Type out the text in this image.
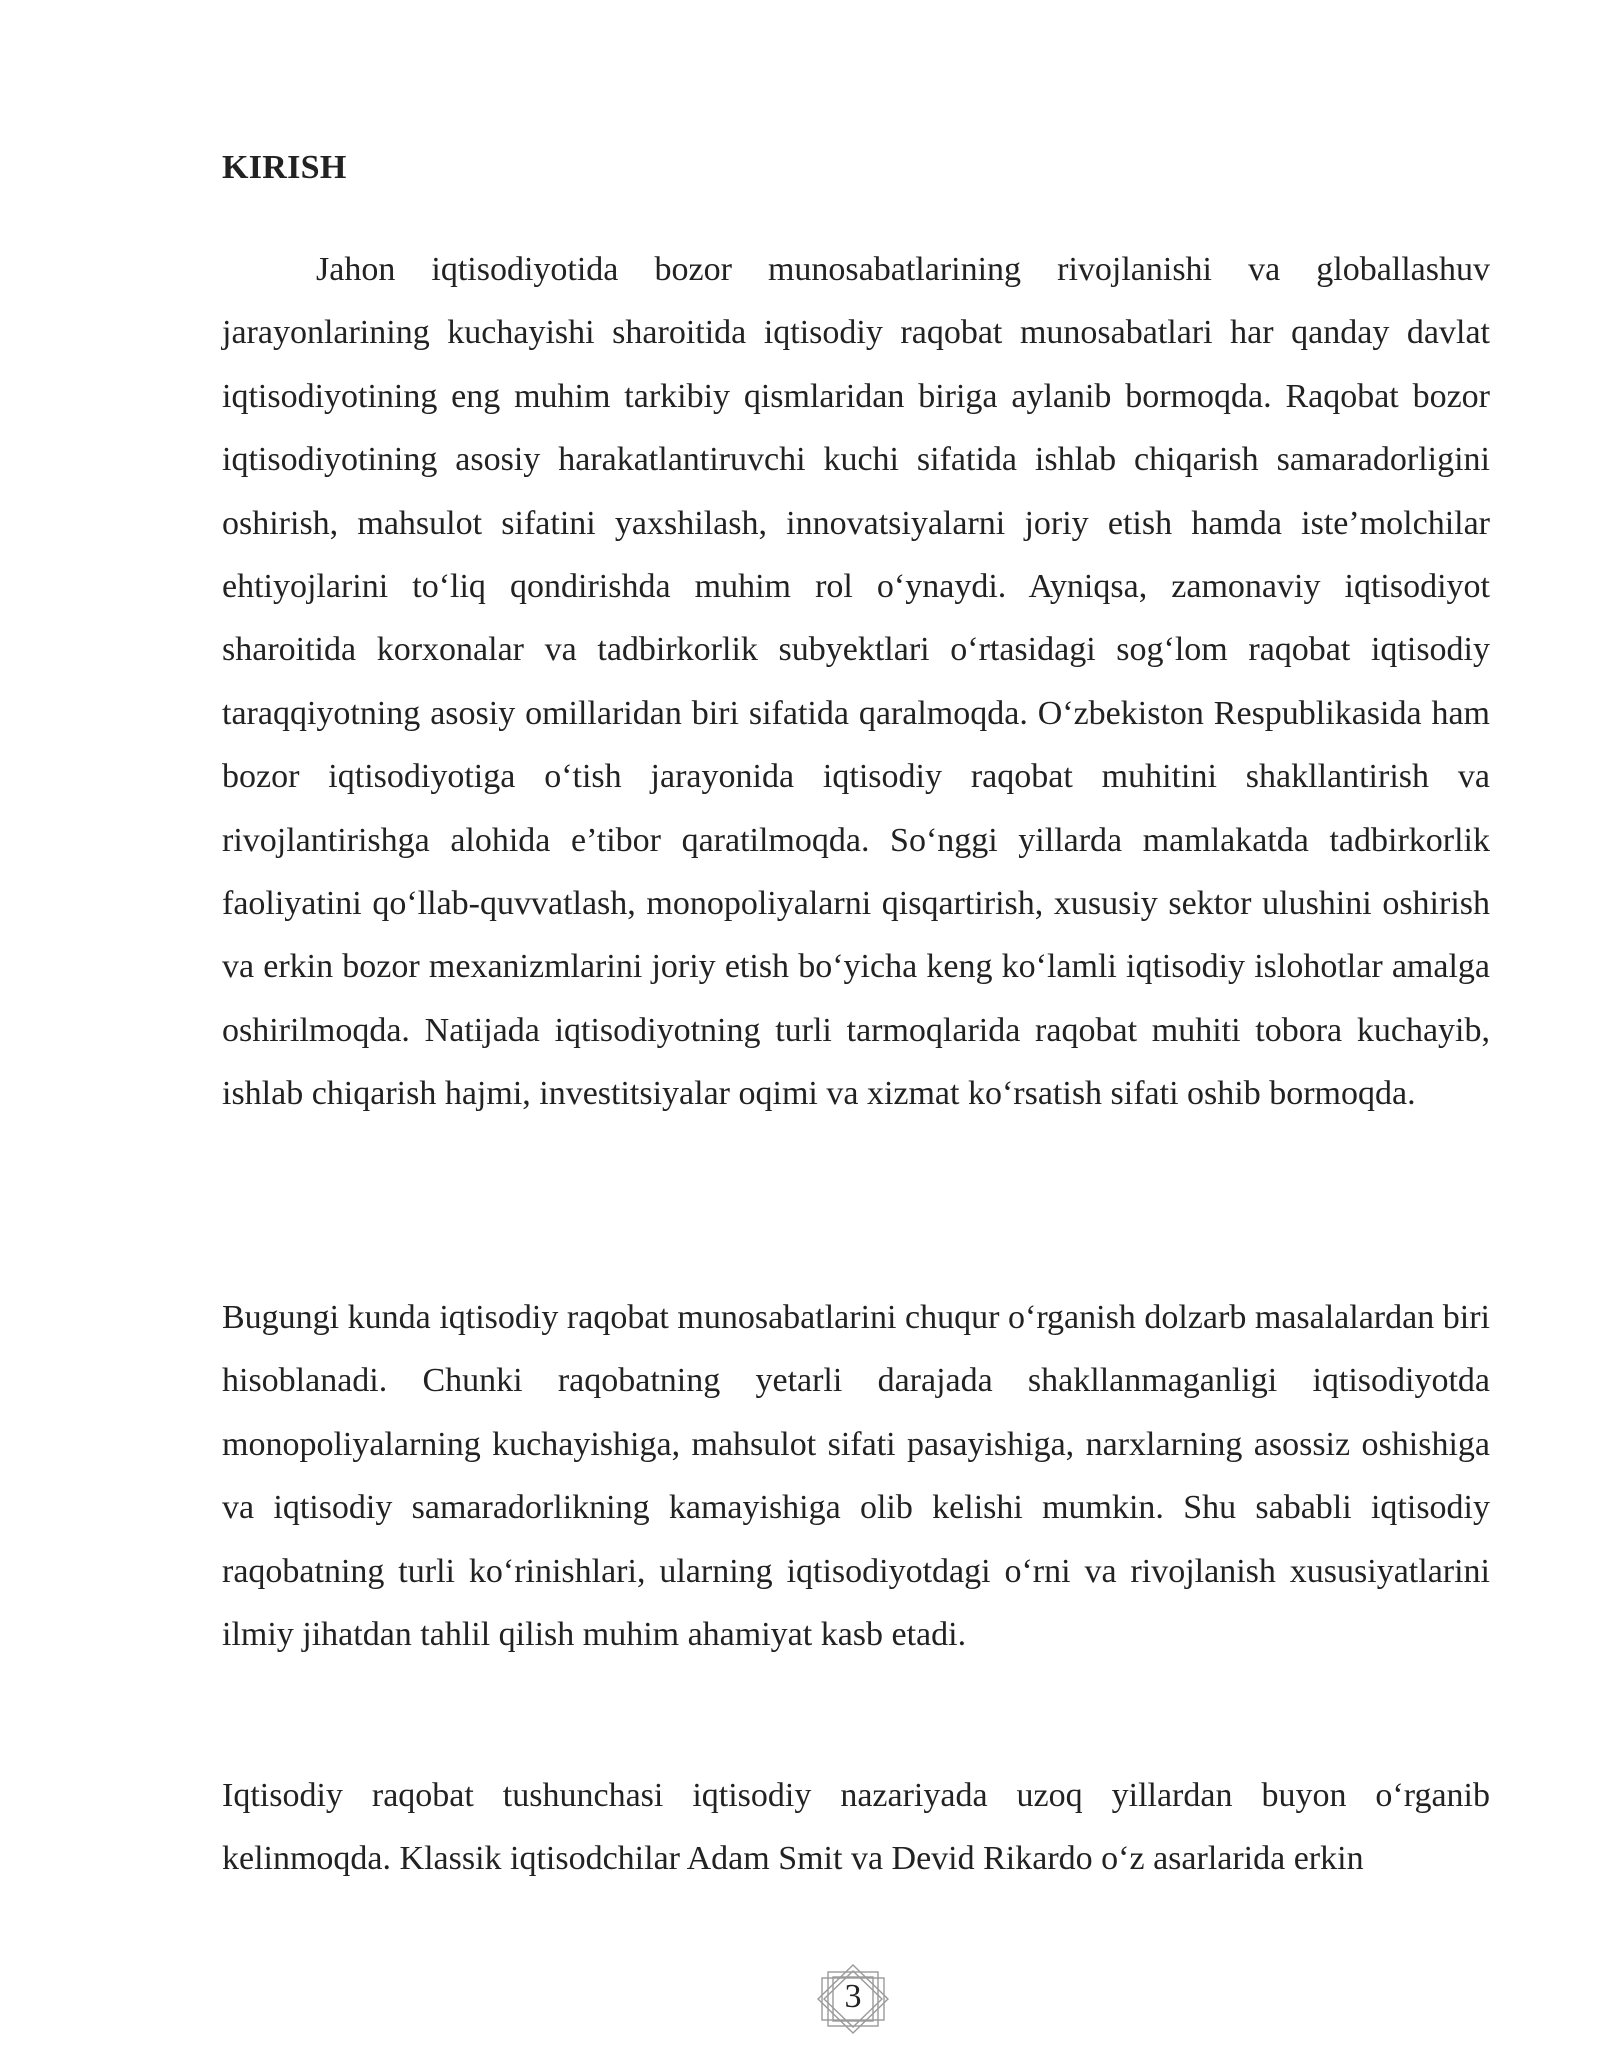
KIRISH

Jahon iqtisodiyotida bozor munosabatlarining rivojlanishi va globallashuv jarayonlarining kuchayishi sharoitida iqtisodiy raqobat munosabatlari har qanday davlat iqtisodiyotining eng muhim tarkibiy qismlaridan biriga aylanib bormoqda. Raqobat bozor iqtisodiyotining asosiy harakatlantiruvchi kuchi sifatida ishlab chiqarish samaradorligini oshirish, mahsulot sifatini yaxshilash, innovatsiyalarni joriy etish hamda iste’molchilar ehtiyojlarini to‘liq qondirishda muhim rol o‘ynaydi. Ayniqsa, zamonaviy iqtisodiyot sharoitida korxonalar va tadbirkorlik subyektlari o‘rtasidagi sog‘lom raqobat iqtisodiy taraqqiyotning asosiy omillaridan biri sifatida qaralmoqda. O‘zbekiston Respublikasida ham bozor iqtisodiyotiga o‘tish jarayonida iqtisodiy raqobat muhitini shakllantirish va rivojlantirishga alohida e’tibor qaratilmoqda. So‘nggi yillarda mamlakatda tadbirkorlik faoliyatini qo‘llab-quvvatlash, monopoliyalarni qisqartirish, xususiy sektor ulushini oshirish va erkin bozor mexanizmlarini joriy etish bo‘yicha keng ko‘lamli iqtisodiy islohotlar amalga oshirilmoqda. Natijada iqtisodiyotning turli tarmoqlarida raqobat muhiti tobora kuchayib, ishlab chiqarish hajmi, investitsiyalar oqimi va xizmat ko‘rsatish sifati oshib bormoqda.

Bugungi kunda iqtisodiy raqobat munosabatlarini chuqur o‘rganish dolzarb masalalardan biri hisoblanadi. Chunki raqobatning yetarli darajada shakllanmaganligi iqtisodiyotda monopoliyalarning kuchayishiga, mahsulot sifati pasayishiga, narxlarning asossiz oshishiga va iqtisodiy samaradorlikning kamayishiga olib kelishi mumkin. Shu sababli iqtisodiy raqobatning turli ko‘rinishlari, ularning iqtisodiyotdagi o‘rni va rivojlanish xususiyatlarini ilmiy jihatdan tahlil qilish muhim ahamiyat kasb etadi.

Iqtisodiy raqobat tushunchasi iqtisodiy nazariyada uzoq yillardan buyon o‘rganib kelinmoqda. Klassik iqtisodchilar Adam Smit va Devid Rikardo o‘z asarlarida erkin

3
